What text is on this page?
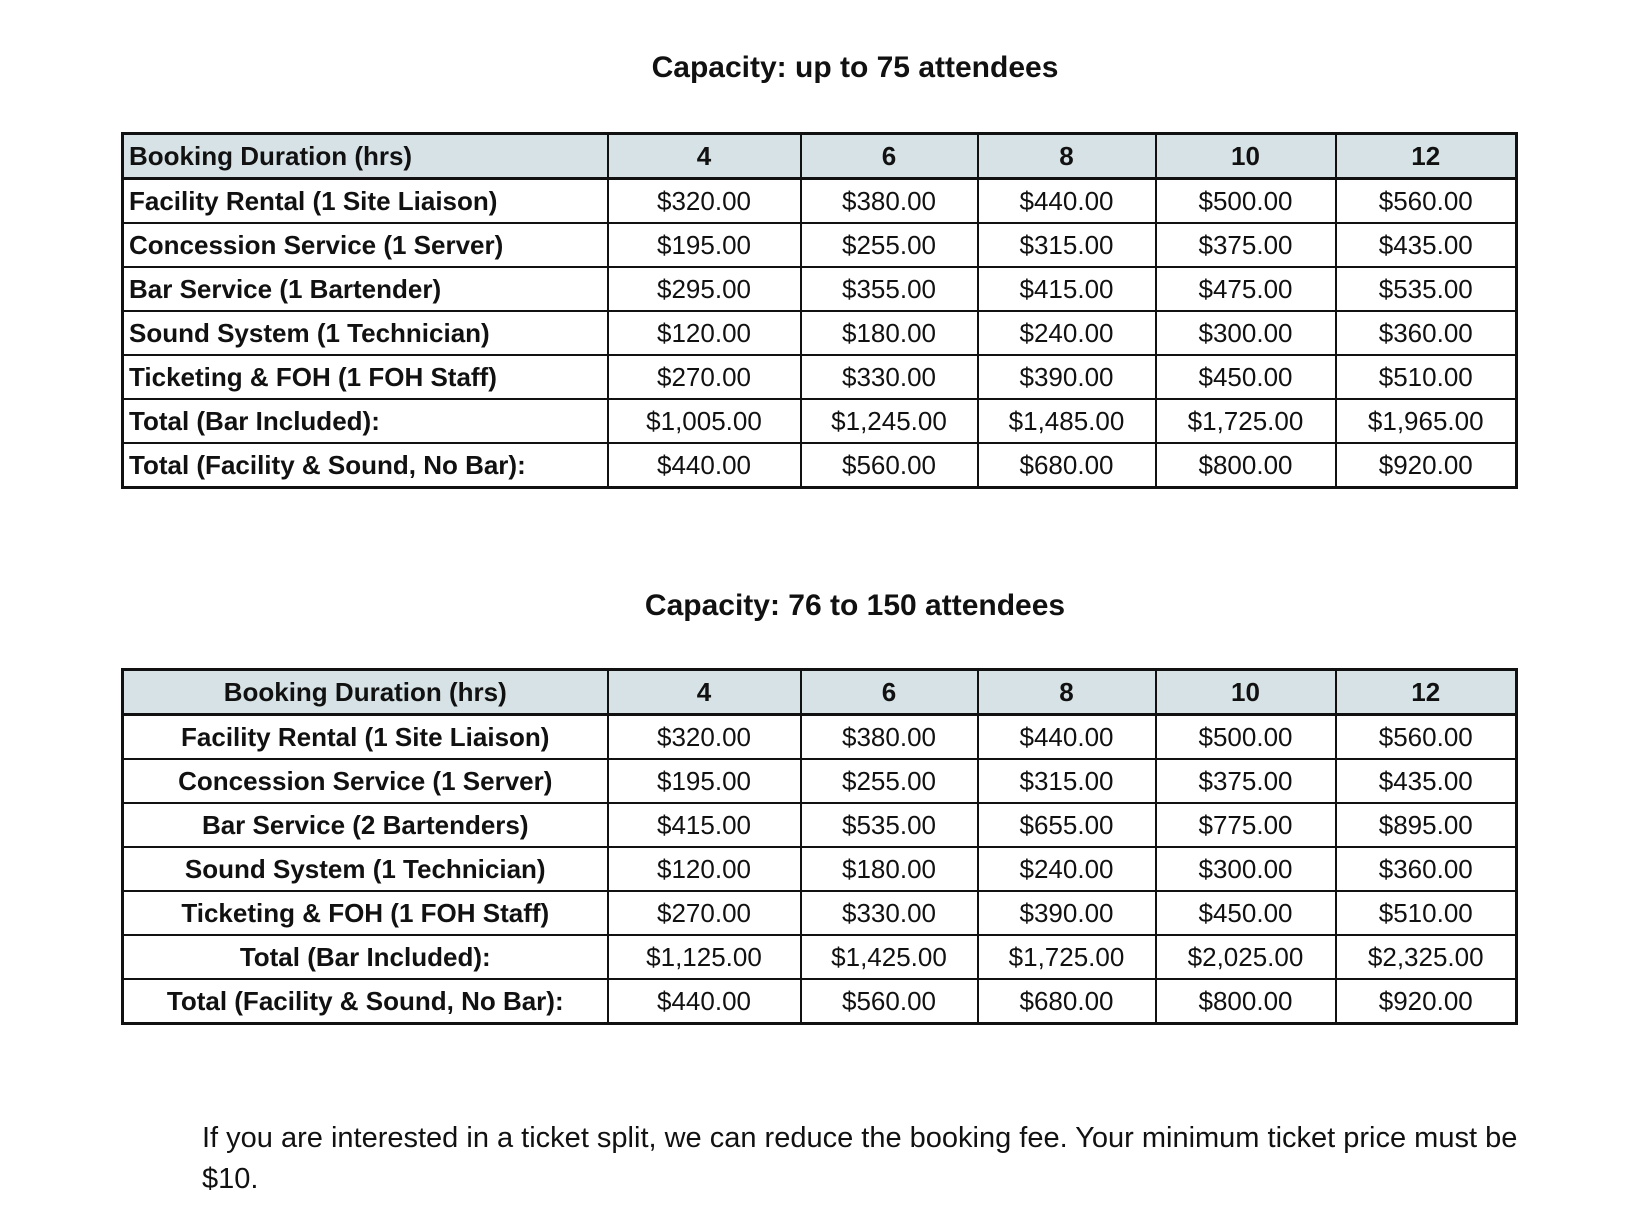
Capacity: up to 75 attendees
Booking Duration (hrs)	4	6	8	10	12
Facility Rental (1 Site Liaison)	$320.00	$380.00	$440.00	$500.00	$560.00
Concession Service (1 Server)	$195.00	$255.00	$315.00	$375.00	$435.00
Bar Service (1 Bartender)	$295.00	$355.00	$415.00	$475.00	$535.00
Sound System (1 Technician)	$120.00	$180.00	$240.00	$300.00	$360.00
Ticketing & FOH (1 FOH Staff)	$270.00	$330.00	$390.00	$450.00	$510.00
Total (Bar Included):	$1,005.00	$1,245.00	$1,485.00	$1,725.00	$1,965.00
Total (Facility & Sound, No Bar):	$440.00	$560.00	$680.00	$800.00	$920.00
Capacity: 76 to 150 attendees
Booking Duration (hrs)	4	6	8	10	12
Facility Rental (1 Site Liaison)	$320.00	$380.00	$440.00	$500.00	$560.00
Concession Service (1 Server)	$195.00	$255.00	$315.00	$375.00	$435.00
Bar Service (2 Bartenders)	$415.00	$535.00	$655.00	$775.00	$895.00
Sound System (1 Technician)	$120.00	$180.00	$240.00	$300.00	$360.00
Ticketing & FOH (1 FOH Staff)	$270.00	$330.00	$390.00	$450.00	$510.00
Total (Bar Included):	$1,125.00	$1,425.00	$1,725.00	$2,025.00	$2,325.00
Total (Facility & Sound, No Bar):	$440.00	$560.00	$680.00	$800.00	$920.00
If you are interested in a ticket split, we can reduce the booking fee. Your minimum ticket price must be $10.
